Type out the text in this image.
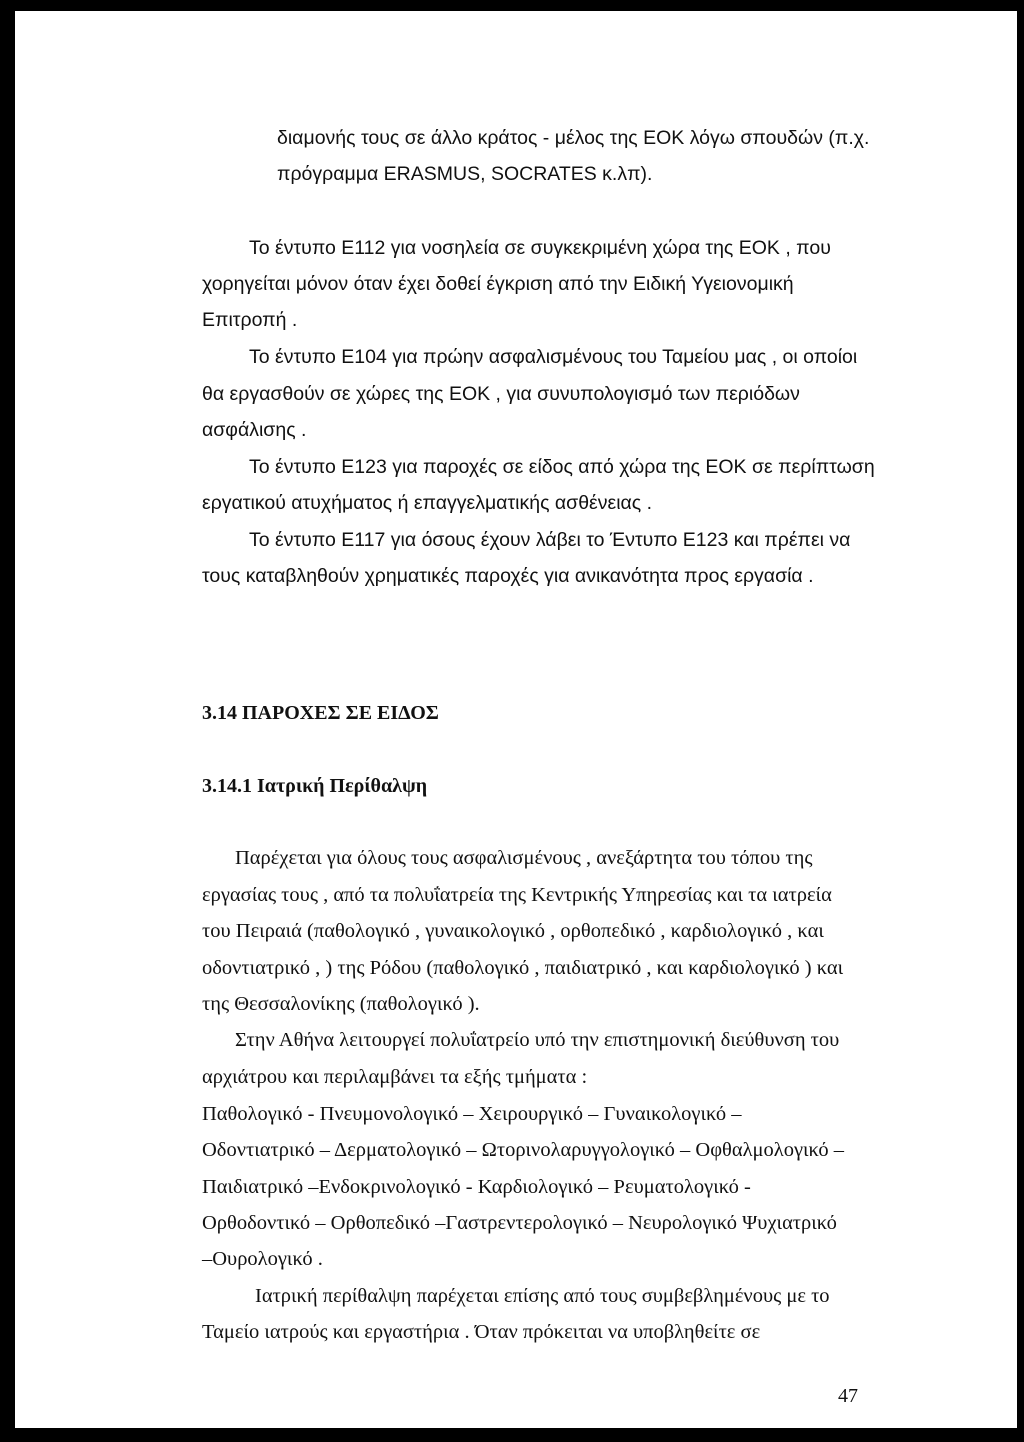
διαμονής τους σε άλλο κράτος - μέλος της ΕΟΚ λόγω σπουδών (π.χ.
πρόγραμμα ERASMUS, SOCRATES κ.λπ).
Το έντυπο Ε112 για νοσηλεία σε συγκεκριμένη χώρα της ΕΟΚ , που
χορηγείται μόνον όταν έχει δοθεί έγκριση από την Ειδική Υγειονομική
Επιτροπή .
Το έντυπο Ε104 για πρώην ασφαλισμένους του Ταμείου μας , οι οποίοι
θα εργασθούν σε χώρες της ΕΟΚ , για συνυπολογισμό των περιόδων
ασφάλισης .
Το έντυπο Ε123 για παροχές σε είδος από χώρα της ΕΟΚ σε περίπτωση
εργατικού ατυχήματος ή επαγγελματικής ασθένειας .
Το έντυπο Ε117 για όσους έχουν λάβει το Έντυπο Ε123 και πρέπει να
τους καταβληθούν χρηματικές παροχές για ανικανότητα προς εργασία .
3.14 ΠΑΡΟΧΕΣ ΣΕ ΕΙΔΟΣ
3.14.1 Ιατρική Περίθαλψη
Παρέχεται για όλους τους ασφαλισμένους , ανεξάρτητα του τόπου της
εργασίας τους , από τα πολυΐατρεία της Κεντρικής Υπηρεσίας και τα ιατρεία
του Πειραιά (παθολογικό , γυναικολογικό , ορθοπεδικό , καρδιολογικό , και
οδοντιατρικό , ) της Ρόδου (παθολογικό , παιδιατρικό , και καρδιολογικό ) και
της Θεσσαλονίκης (παθολογικό ).
Στην Αθήνα λειτουργεί πολυΐατρείο υπό την επιστημονική διεύθυνση του
αρχιάτρου και περιλαμβάνει τα εξής τμήματα :
Παθολογικό - Πνευμονολογικό – Χειρουργικό – Γυναικολογικό –
Οδοντιατρικό – Δερματολογικό – Ωτορινολαρυγγολογικό – Οφθαλμολογικό –
Παιδιατρικό –Ενδοκρινολογικό - Καρδιολογικό – Ρευματολογικό -
Ορθοδοντικό – Ορθοπεδικό –Γαστρεντερολογικό – Νευρολογικό Ψυχιατρικό
–Ουρολογικό .
Ιατρική περίθαλψη παρέχεται επίσης από τους συμβεβλημένους με το
Ταμείο ιατρούς και εργαστήρια . Όταν πρόκειται να υποβληθείτε σε
47
